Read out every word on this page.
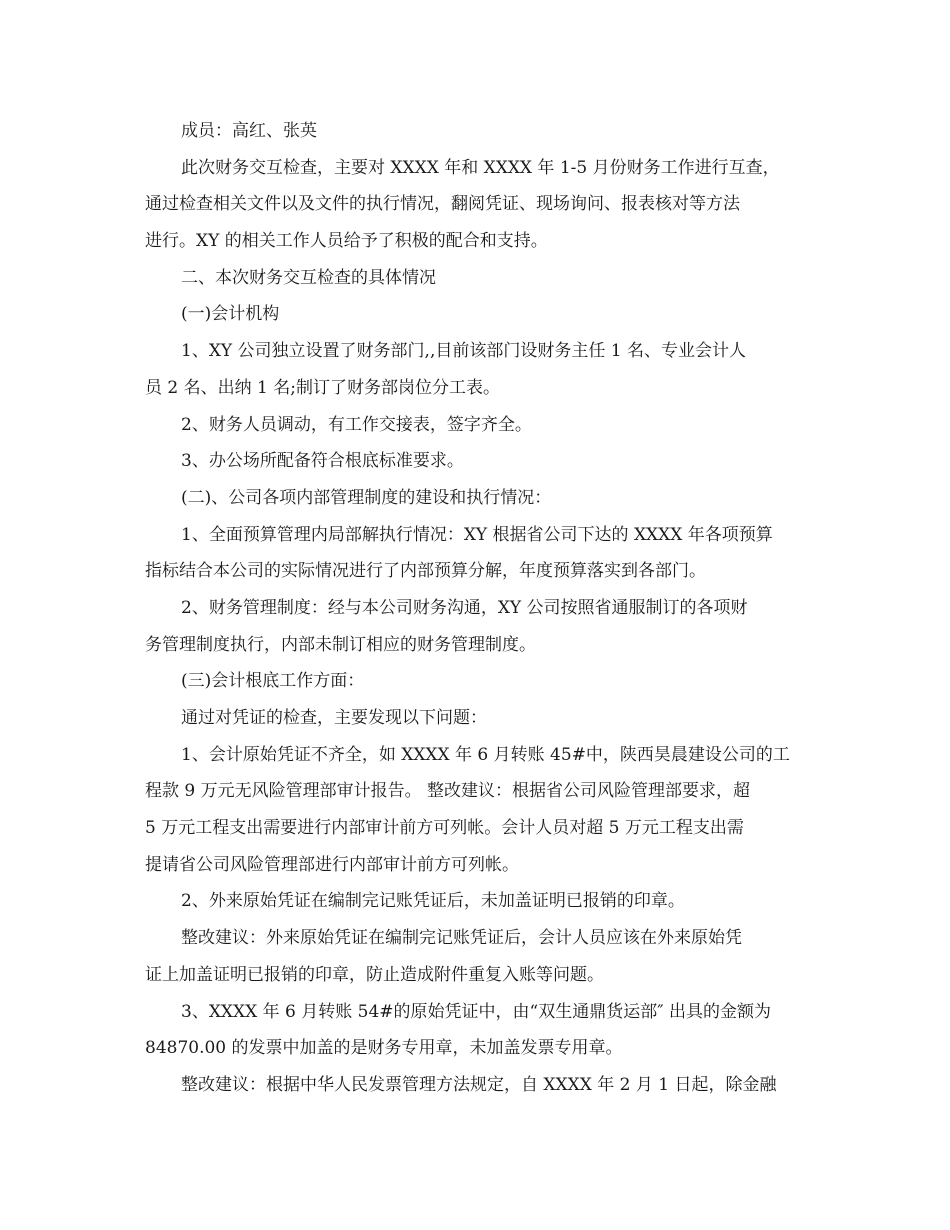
成员：高红、张英
此次财务交互检查，主要对 XXXX 年和 XXXX 年 1-5 月份财务工作进行互查，
通过检查相关文件以及文件的执行情况，翻阅凭证、现场询问、报表核对等方法
进行。XY 的相关工作人员给予了积极的配合和支持。
二、本次财务交互检查的具体情况
(一)会计机构
1、XY 公司独立设置了财务部门,,目前该部门设财务主任 1 名、专业会计人
员 2 名、出纳 1 名;制订了财务部岗位分工表。
2、财务人员调动，有工作交接表，签字齐全。
3、办公场所配备符合根底标准要求。
(二)、公司各项内部管理制度的建设和执行情况：
1、全面预算管理内局部解执行情况：XY 根据省公司下达的 XXXX 年各项预算
指标结合本公司的实际情况进行了内部预算分解，年度预算落实到各部门。
2、财务管理制度：经与本公司财务沟通，XY 公司按照省通服制订的各项财
务管理制度执行，内部未制订相应的财务管理制度。
(三)会计根底工作方面：
通过对凭证的检查，主要发现以下问题：
1、会计原始凭证不齐全，如 XXXX 年 6 月转账 45#中，陕西昊晨建设公司的工
程款 9 万元无风险管理部审计报告。 整改建议：根据省公司风险管理部要求，超
5 万元工程支出需要进行内部审计前方可列帐。会计人员对超 5 万元工程支出需
提请省公司风险管理部进行内部审计前方可列帐。
2、外来原始凭证在编制完记账凭证后，未加盖证明已报销的印章。
整改建议：外来原始凭证在编制完记账凭证后，会计人员应该在外来原始凭
证上加盖证明已报销的印章，防止造成附件重复入账等问题。
3、XXXX 年 6 月转账 54#的原始凭证中，由“双生通鼎货运部″ 出具的金额为
84870.00 的发票中加盖的是财务专用章，未加盖发票专用章。
整改建议：根据中华人民发票管理方法规定，自 XXXX 年 2 月 1 日起，除金融
